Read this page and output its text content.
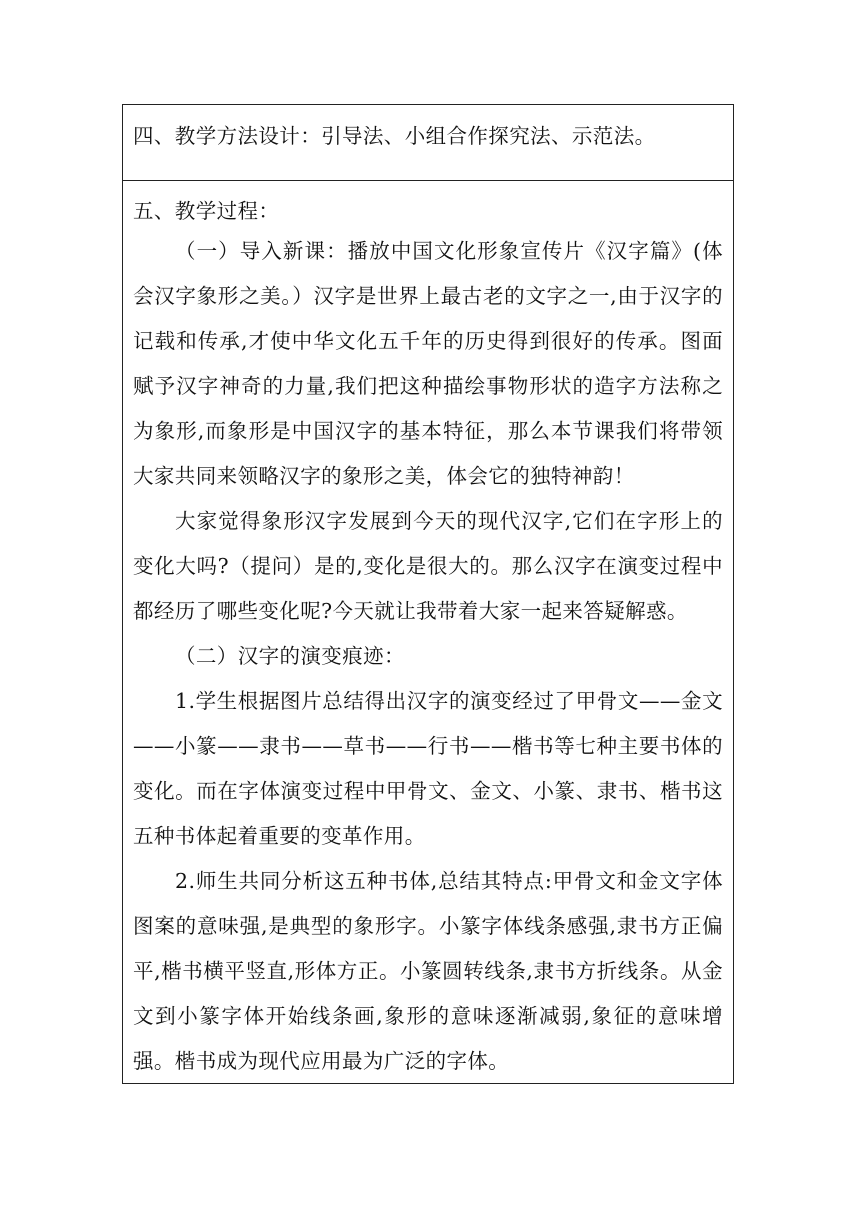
四、教学方法设计：引导法、小组合作探究法、示范法。

五、教学过程：

（一）导入新课：播放中国文化形象宣传片《汉字篇》(体会汉字象形之美。）汉字是世界上最古老的文字之一,由于汉字的记载和传承,才使中华文化五千年的历史得到很好的传承。图面赋予汉字神奇的力量,我们把这种描绘事物形状的造字方法称之为象形,而象形是中国汉字的基本特征，那么本节课我们将带领大家共同来领略汉字的象形之美，体会它的独特神韵！

大家觉得象形汉字发展到今天的现代汉字,它们在字形上的变化大吗?（提问）是的,变化是很大的。那么汉字在演变过程中都经历了哪些变化呢?今天就让我带着大家一起来答疑解惑。

（二）汉字的演变痕迹：

1.学生根据图片总结得出汉字的演变经过了甲骨文——金文——小篆——隶书——草书——行书——楷书等七种主要书体的变化。而在字体演变过程中甲骨文、金文、小篆、隶书、楷书这五种书体起着重要的变革作用。

2.师生共同分析这五种书体,总结其特点:甲骨文和金文字体图案的意味强,是典型的象形字。小篆字体线条感强,隶书方正偏平,楷书横平竖直,形体方正。小篆圆转线条,隶书方折线条。从金文到小篆字体开始线条画,象形的意味逐渐减弱,象征的意味增强。楷书成为现代应用最为广泛的字体。
